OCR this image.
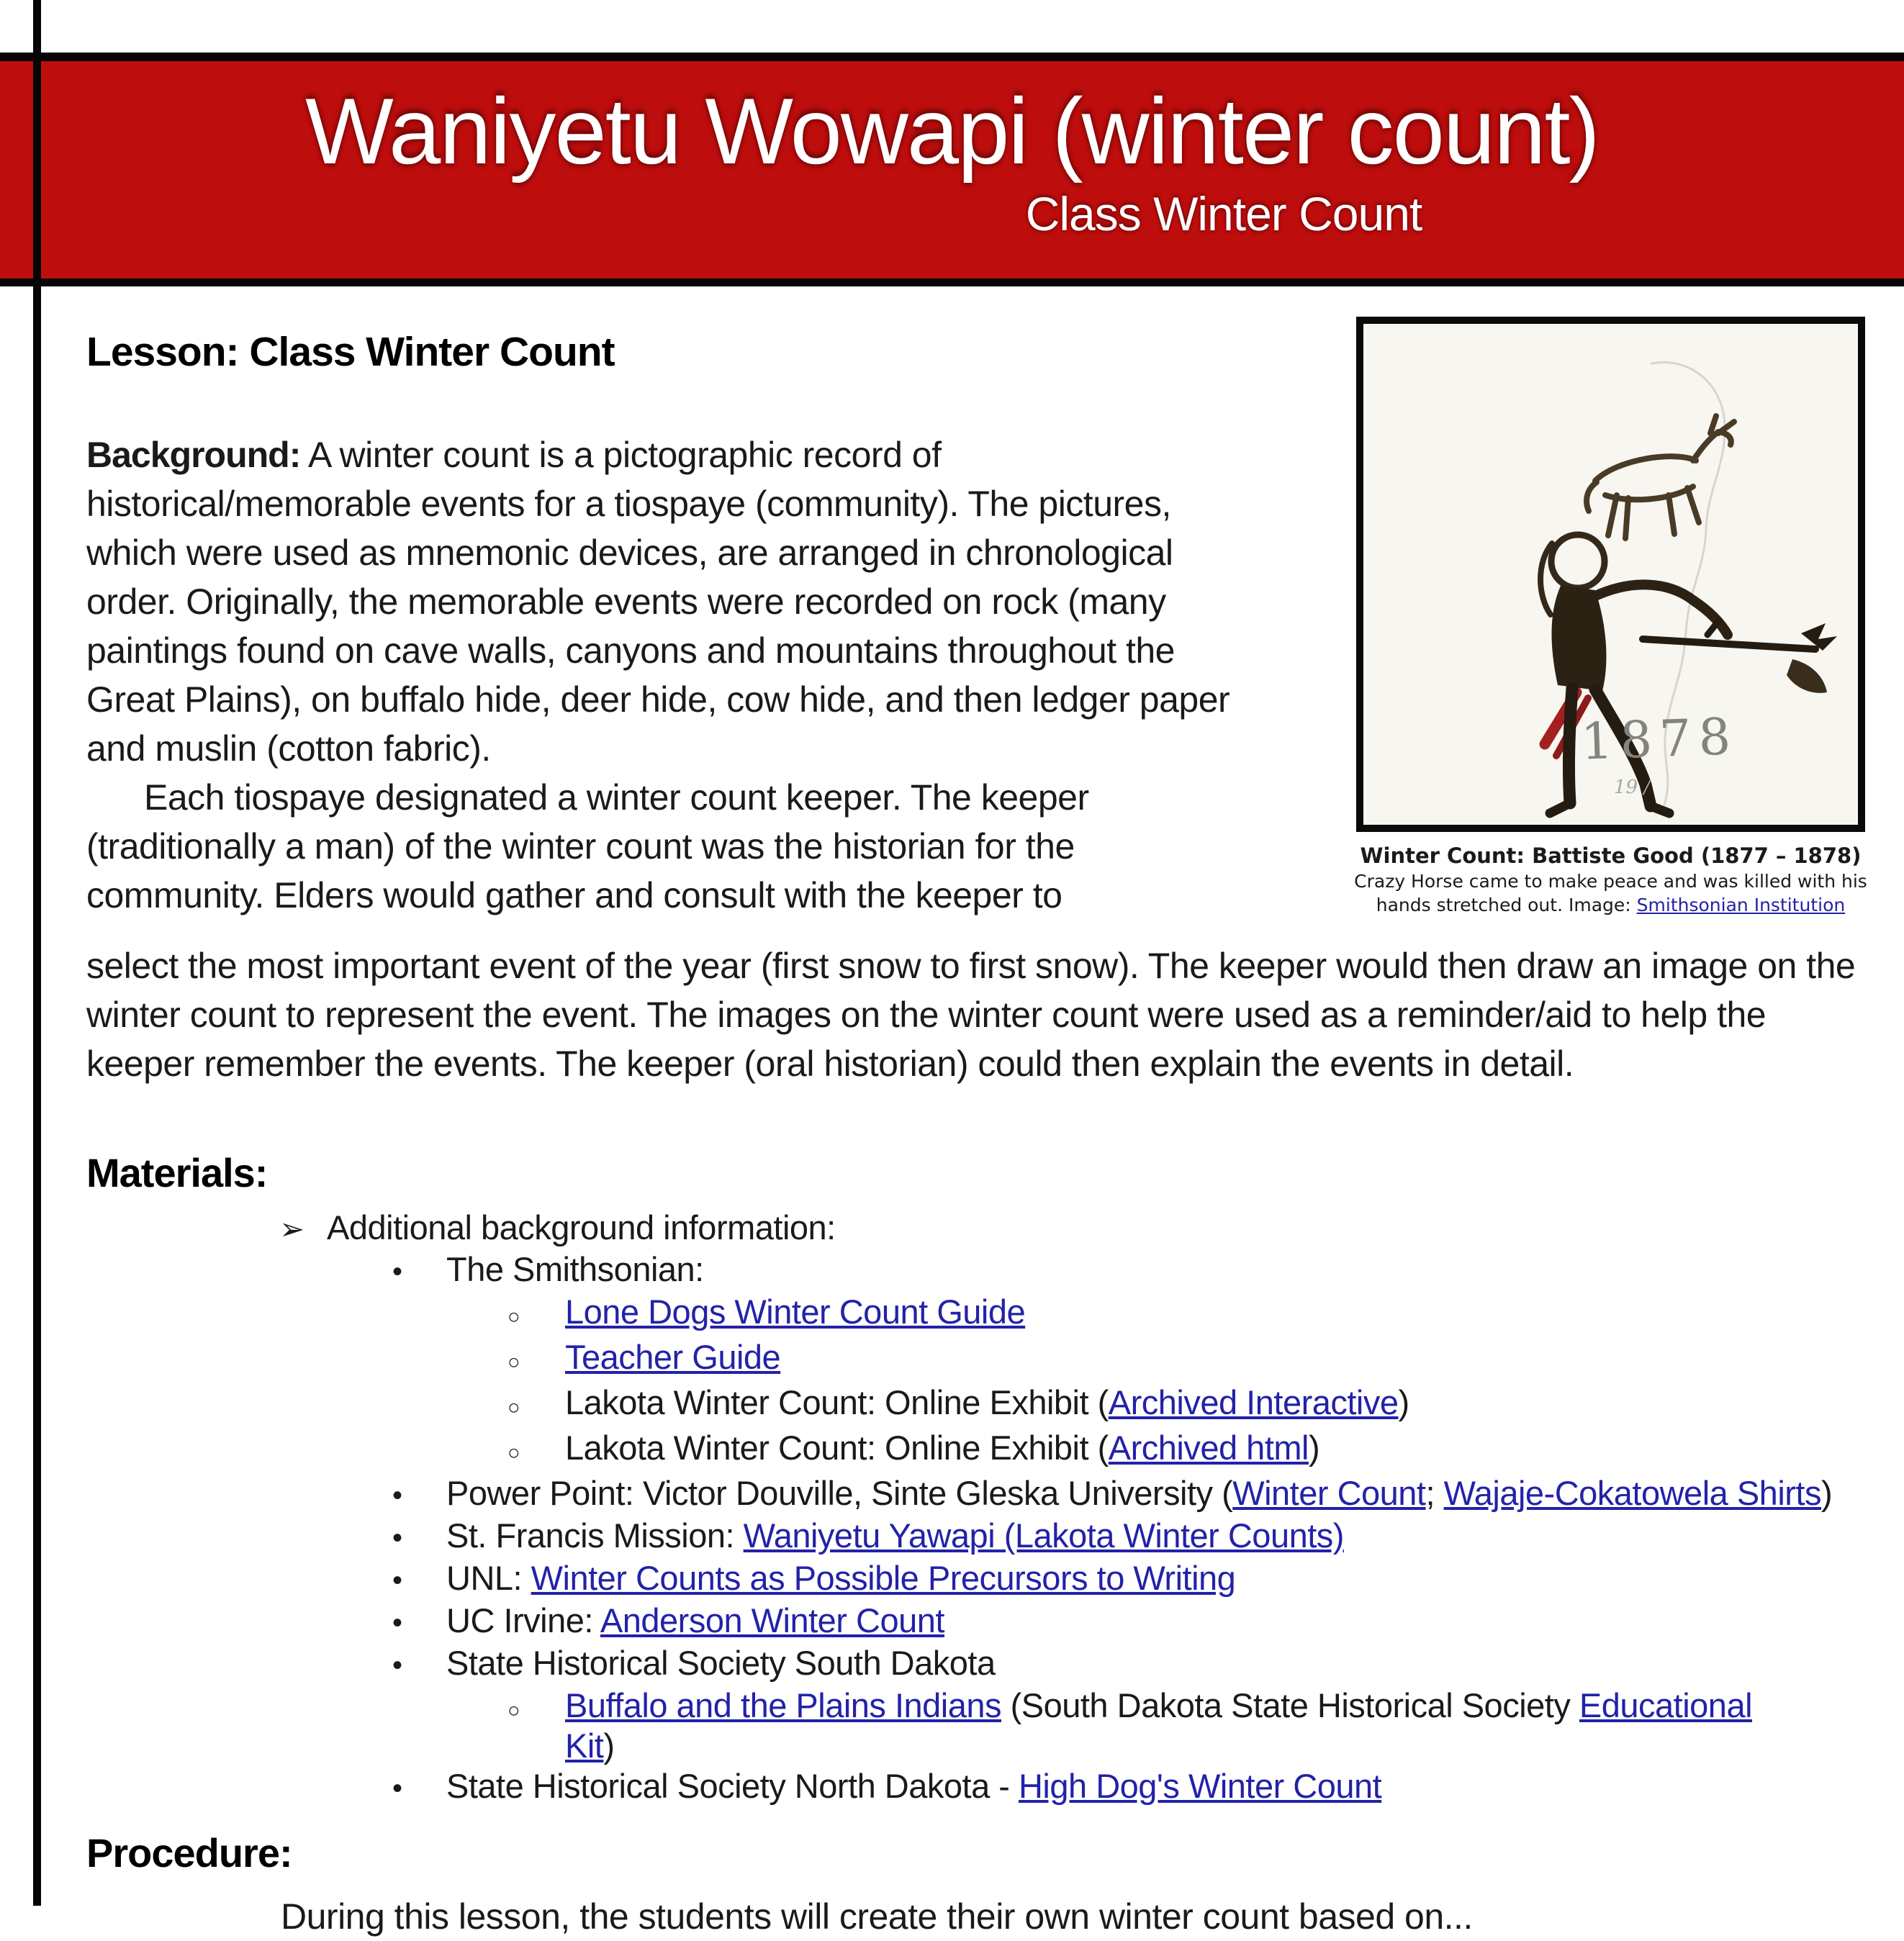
Waniyetu Wowapi (winter count)
Class Winter Count
1878
19 /
Winter Count: Battiste Good (1877 – 1878)
Crazy Horse came to make peace and was killed with his
hands stretched out. Image: Smithsonian Institution
Lesson: Class Winter Count

Background: A winter count is a pictographic record of historical/memorable events for a tiospaye (community). The pictures, which were used as mnemonic devices, are arranged in chronological order. Originally, the memorable events were recorded on rock (many paintings found on cave walls, canyons and mountains throughout the Great Plains), on buffalo hide, deer hide, cow hide, and then ledger paper and muslin (cotton fabric).

Each tiospaye designated a winter count keeper. The keeper (traditionally a man) of the winter count was the historian for the community. Elders would gather and consult with the keeper to

select the most important event of the year (first snow to first snow). The keeper would then draw an image on the winter count to represent the event. The images on the winter count were used as a reminder/aid to help the keeper remember the events. The keeper (oral historian) could then explain the events in detail.

Materials:
➢ Additional background information:
•	The Smithsonian:
○	Lone Dogs Winter Count Guide
○	Teacher Guide
○	Lakota Winter Count: Online Exhibit (Archived Interactive)
○	Lakota Winter Count: Online Exhibit (Archived html)
•	Power Point: Victor Douville, Sinte Gleska University (Winter Count; Wajaje-Cokatowela Shirts)
•	St. Francis Mission: Waniyetu Yawapi (Lakota Winter Counts)
•	UNL: Winter Counts as Possible Precursors to Writing
•	UC Irvine: Anderson Winter Count
•	State Historical Society South Dakota
○	Buffalo and the Plains Indians (South Dakota State Historical Society Educational
Kit)
•	State Historical Society North Dakota - High Dog's Winter Count
Procedure:

During this lesson, the students will create their own winter count based on...
